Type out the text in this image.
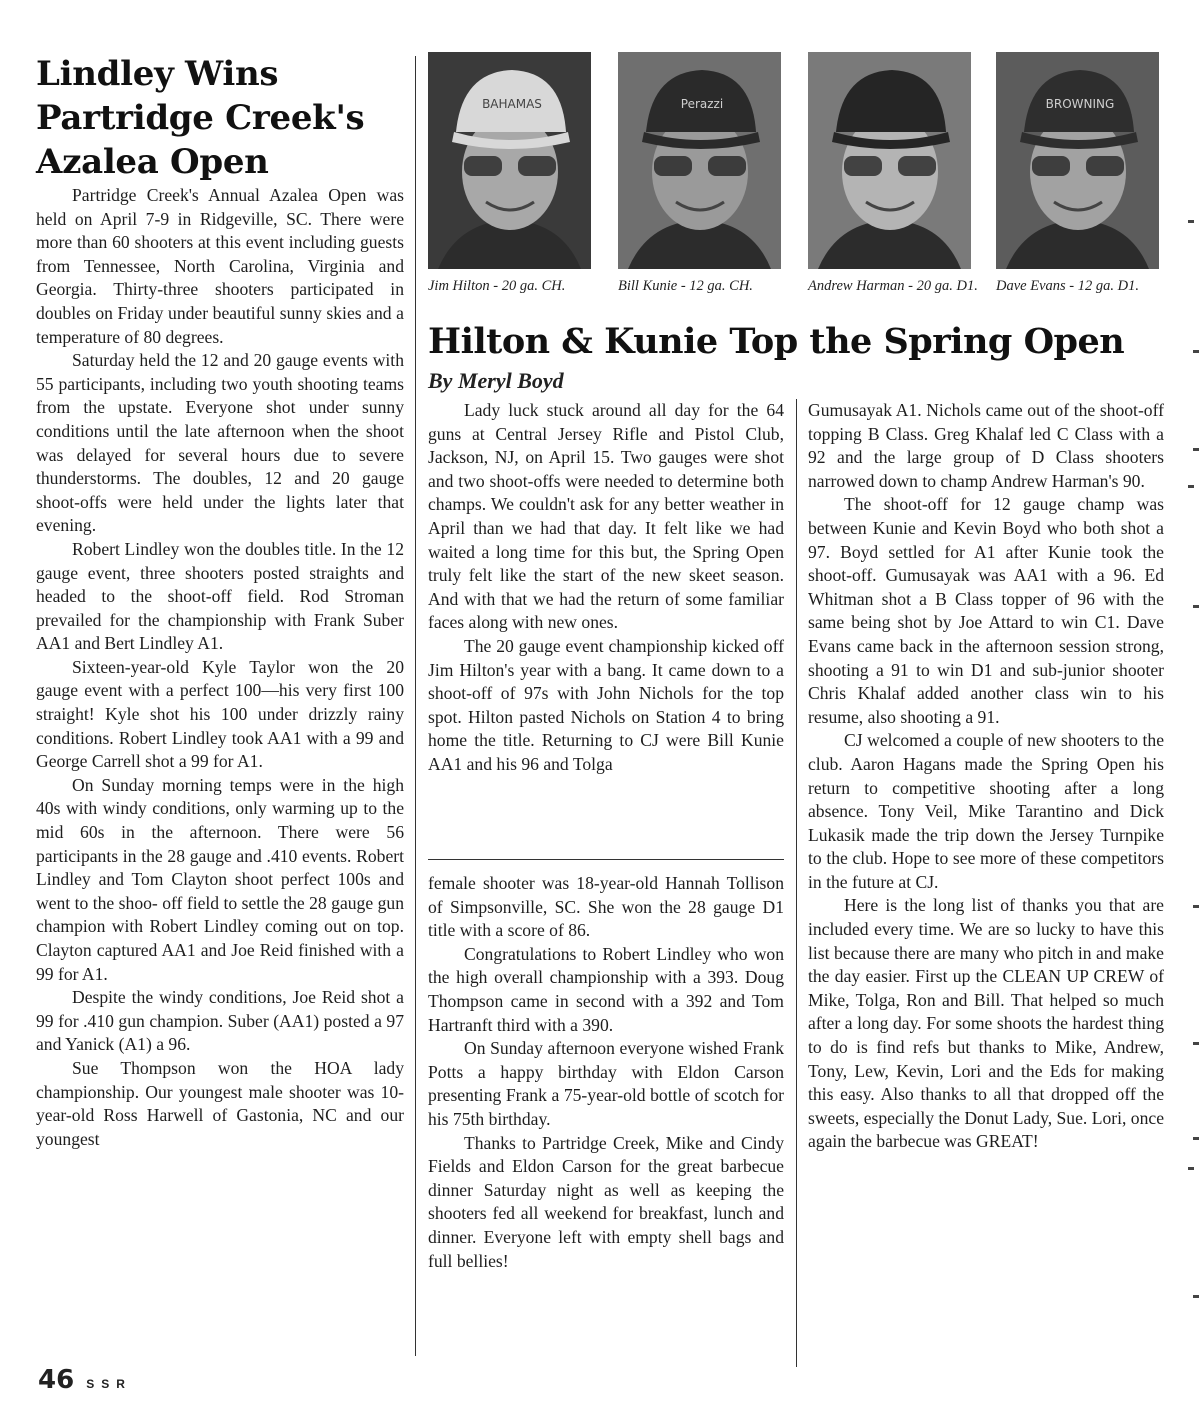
Lindley Wins Partridge Creek's Azalea Open

Partridge Creek's Annual Azalea Open was held on April 7-9 in Ridgeville, SC. There were more than 60 shooters at this event including guests from Tennessee, North Carolina, Virginia and Georgia. Thirty-three shooters participated in doubles on Friday under beautiful sunny skies and a temperature of 80 degrees.

Saturday held the 12 and 20 gauge events with 55 participants, including two youth shooting teams from the upstate. Everyone shot under sunny conditions until the late afternoon when the shoot was delayed for several hours due to severe thunderstorms. The doubles, 12 and 20 gauge shoot-offs were held under the lights later that evening.

Robert Lindley won the doubles title. In the 12 gauge event, three shooters posted straights and headed to the shoot-off field. Rod Stroman prevailed for the championship with Frank Suber AA1 and Bert Lindley A1.

Sixteen-year-old Kyle Taylor won the 20 gauge event with a perfect 100—his very first 100 straight! Kyle shot his 100 under drizzly rainy conditions. Robert Lindley took AA1 with a 99 and George Carrell shot a 99 for A1.

On Sunday morning temps were in the high 40s with windy conditions, only warming up to the mid 60s in the afternoon. There were 56 participants in the 28 gauge and .410 events. Robert Lindley and Tom Clayton shoot perfect 100s and went to the shoo- off field to settle the 28 gauge gun champion with Robert Lindley coming out on top. Clayton captured AA1 and Joe Reid finished with a 99 for A1.

Despite the windy conditions, Joe Reid shot a 99 for .410 gun champion. Suber (AA1) posted a 97 and Yanick (A1) a 96.

Sue Thompson won the HOA lady championship. Our youngest male shooter was 10-year-old Ross Harwell of Gastonia, NC and our youngest

BAHAMAS	Perazzi	BROWNING
Jim Hilton - 20 ga. CH.	Bill Kunie - 12 ga. CH.	Andrew Harman - 20 ga. D1. Dave Evans - 12 ga. D1.
Hilton & Kunie Top the Spring Open
By Meryl Boyd

Lady luck stuck around all day for the 64 guns at Central Jersey Rifle and Pistol Club, Jackson, NJ, on April 15. Two gauges were shot and two shoot-offs were needed to determine both champs. We couldn't ask for any better weather in April than we had that day. It felt like we had waited a long time for this but, the Spring Open truly felt like the start of the new skeet season. And with that we had the return of some familiar faces along with new ones.

The 20 gauge event championship kicked off Jim Hilton's year with a bang. It came down to a shoot-off of 97s with John Nichols for the top spot. Hilton pasted Nichols on Station 4 to bring home the title. Returning to CJ were Bill Kunie AA1 and his 96 and Tolga

female shooter was 18-year-old Hannah Tollison of Simpsonville, SC. She won the 28 gauge D1 title with a score of 86.

Congratulations to Robert Lindley who won the high overall championship with a 393. Doug Thompson came in second with a 392 and Tom Hartranft third with a 390.

On Sunday afternoon everyone wished Frank Potts a happy birthday with Eldon Carson presenting Frank a 75-year-old bottle of scotch for his 75th birthday.

Thanks to Partridge Creek, Mike and Cindy Fields and Eldon Carson for the great barbecue dinner Saturday night as well as keeping the shooters fed all weekend for breakfast, lunch and dinner. Everyone left with empty shell bags and full bellies!

Gumusayak A1. Nichols came out of the shoot-off topping B Class. Greg Khalaf led C Class with a 92 and the large group of D Class shooters narrowed down to champ Andrew Harman's 90.

The shoot-off for 12 gauge champ was between Kunie and Kevin Boyd who both shot a 97. Boyd settled for A1 after Kunie took the shoot-off. Gumusayak was AA1 with a 96. Ed Whitman shot a B Class topper of 96 with the same being shot by Joe Attard to win C1. Dave Evans came back in the afternoon session strong, shooting a 91 to win D1 and sub-junior shooter Chris Khalaf added another class win to his resume, also shooting a 91.

CJ welcomed a couple of new shooters to the club. Aaron Hagans made the Spring Open his return to competitive shooting after a long absence. Tony Veil, Mike Tarantino and Dick Lukasik made the trip down the Jersey Turnpike to the club. Hope to see more of these competitors in the future at CJ.

Here is the long list of thanks you that are included every time. We are so lucky to have this list because there are many who pitch in and make the day easier. First up the CLEAN UP CREW of Mike, Tolga, Ron and Bill. That helped so much after a long day. For some shoots the hardest thing to do is find refs but thanks to Mike, Andrew, Tony, Lew, Kevin, Lori and the Eds for making this easy. Also thanks to all that dropped off the sweets, especially the Donut Lady, Sue. Lori, once again the barbecue was GREAT!

46 SSR
